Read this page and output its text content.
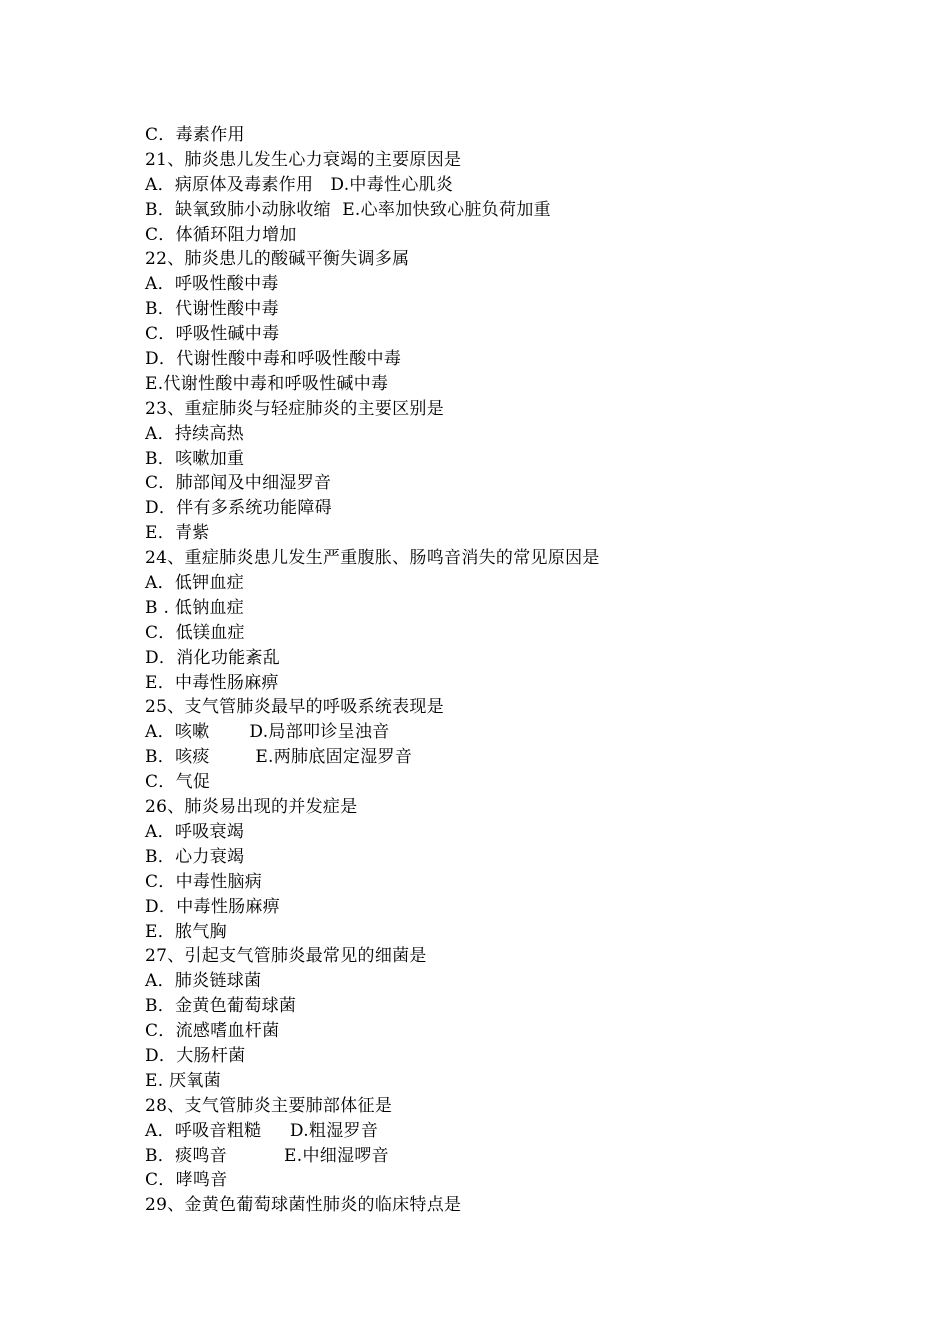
C．毒素作用
21、肺炎患儿发生心力衰竭的主要原因是
A．病原体及毒素作用   D.中毒性心肌炎
B．缺氧致肺小动脉收缩  E.心率加快致心脏负荷加重
C．体循环阻力增加
22、肺炎患儿的酸碱平衡失调多属
A．呼吸性酸中毒
B．代谢性酸中毒
C．呼吸性碱中毒
D．代谢性酸中毒和呼吸性酸中毒
E.代谢性酸中毒和呼吸性碱中毒
23、重症肺炎与轻症肺炎的主要区别是
A．持续高热
B．咳嗽加重
C．肺部闻及中细湿罗音
D．伴有多系统功能障碍
E．青紫
24、重症肺炎患儿发生严重腹胀、肠鸣音消失的常见原因是
A．低钾血症
B . 低钠血症
C．低镁血症
D．消化功能紊乱
E．中毒性肠麻痹
25、支气管肺炎最早的呼吸系统表现是
A．咳嗽       D.局部叩诊呈浊音
B．咳痰        E.两肺底固定湿罗音
C．气促
26、肺炎易出现的并发症是
A．呼吸衰竭
B．心力衰竭
C．中毒性脑病
D．中毒性肠麻痹
E．脓气胸
27、引起支气管肺炎最常见的细菌是
A．肺炎链球菌
B．金黄色葡萄球菌
C．流感嗜血杆菌
D．大肠杆菌
E. 厌氧菌
28、支气管肺炎主要肺部体征是
A．呼吸音粗糙     D.粗湿罗音
B．痰鸣音          E.中细湿啰音
C．哮鸣音
29、金黄色葡萄球菌性肺炎的临床特点是
